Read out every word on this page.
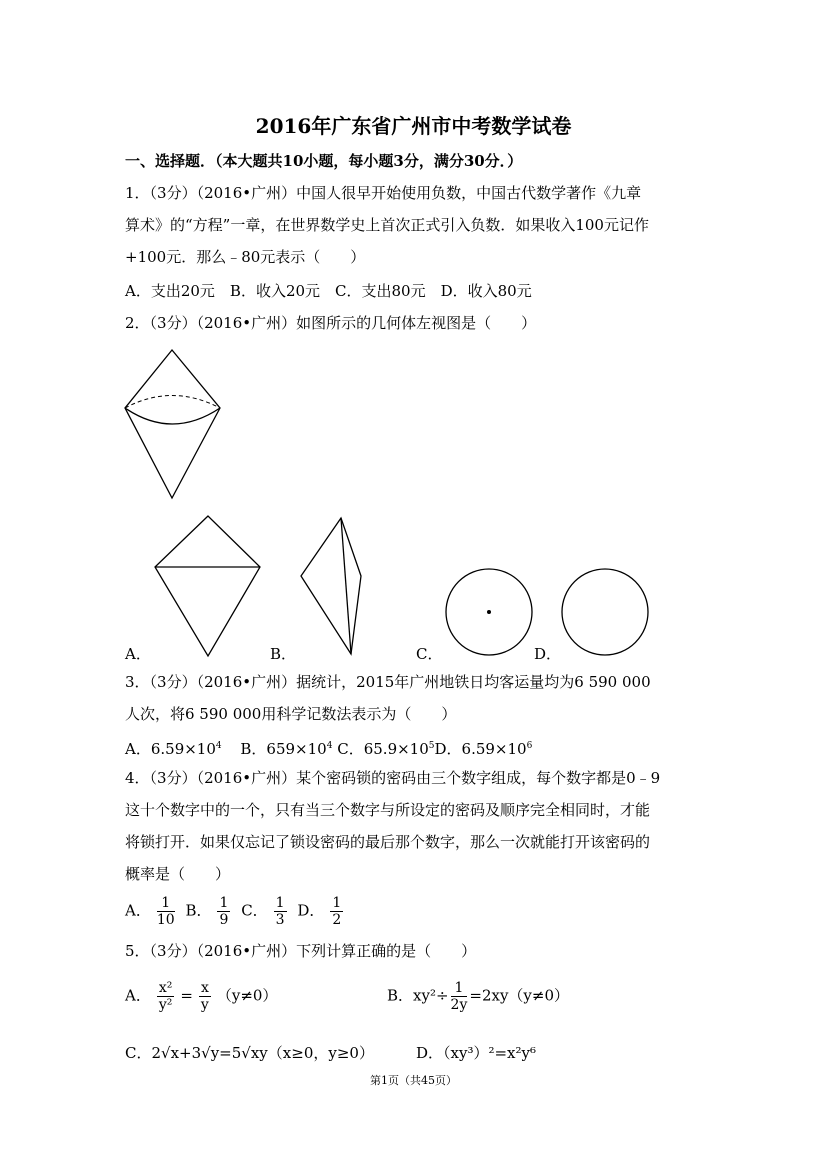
2016年广东省广州市中考数学试卷
一、选择题．（本大题共10小题，每小题3分，满分30分．）
1．（3分）（2016•广州）中国人很早开始使用负数，中国古代数学著作《九章
算术》的“方程”一章，在世界数学史上首次正式引入负数．如果收入100元记作
+100元．那么﹣80元表示（　　）
A．支出20元　B．收入20元　C．支出80元　D．收入80元
2．（3分）（2016•广州）如图所示的几何体左视图是（　　）
A．	B．	C．	D．
3．（3分）（2016•广州）据统计，2015年广州地铁日均客运量均为6 590 000
人次，将6 590 000用科学记数法表示为（　　）
A．$6.59\times 10^4$ B．$659\times 10^4$ C．$65.9\times 10^5D$．$6.59\times 10^6$
4．（3分）（2016•广州）某个密码锁的密码由三个数字组成，每个数字都是0﹣9
这十个数字中的一个，只有当三个数字与所设定的密码及顺序完全相同时，才能
将锁打开．如果仅忘记了锁设密码的最后那个数字，那么一次就能打开该密码的
概率是（　　）
A． $\frac{1}{10}$ B． $\frac{1}{9}$ C． $\frac{1}{3}$ D． $\frac{1}{2}$
5．（3分）（2016•广州）下列计算正确的是（　　）
A． $\frac{\text{x²}}{\text{y²}} = \frac{x}{y} (y\ne 0)$	B．$xy^2\div \frac{1}{2y} =2xy(y\ne 0)$
C．2√x+3√y=5√xy（x≥0，y≥0）	D．（xy³）²=x²y⁶
第1页（共45页）
